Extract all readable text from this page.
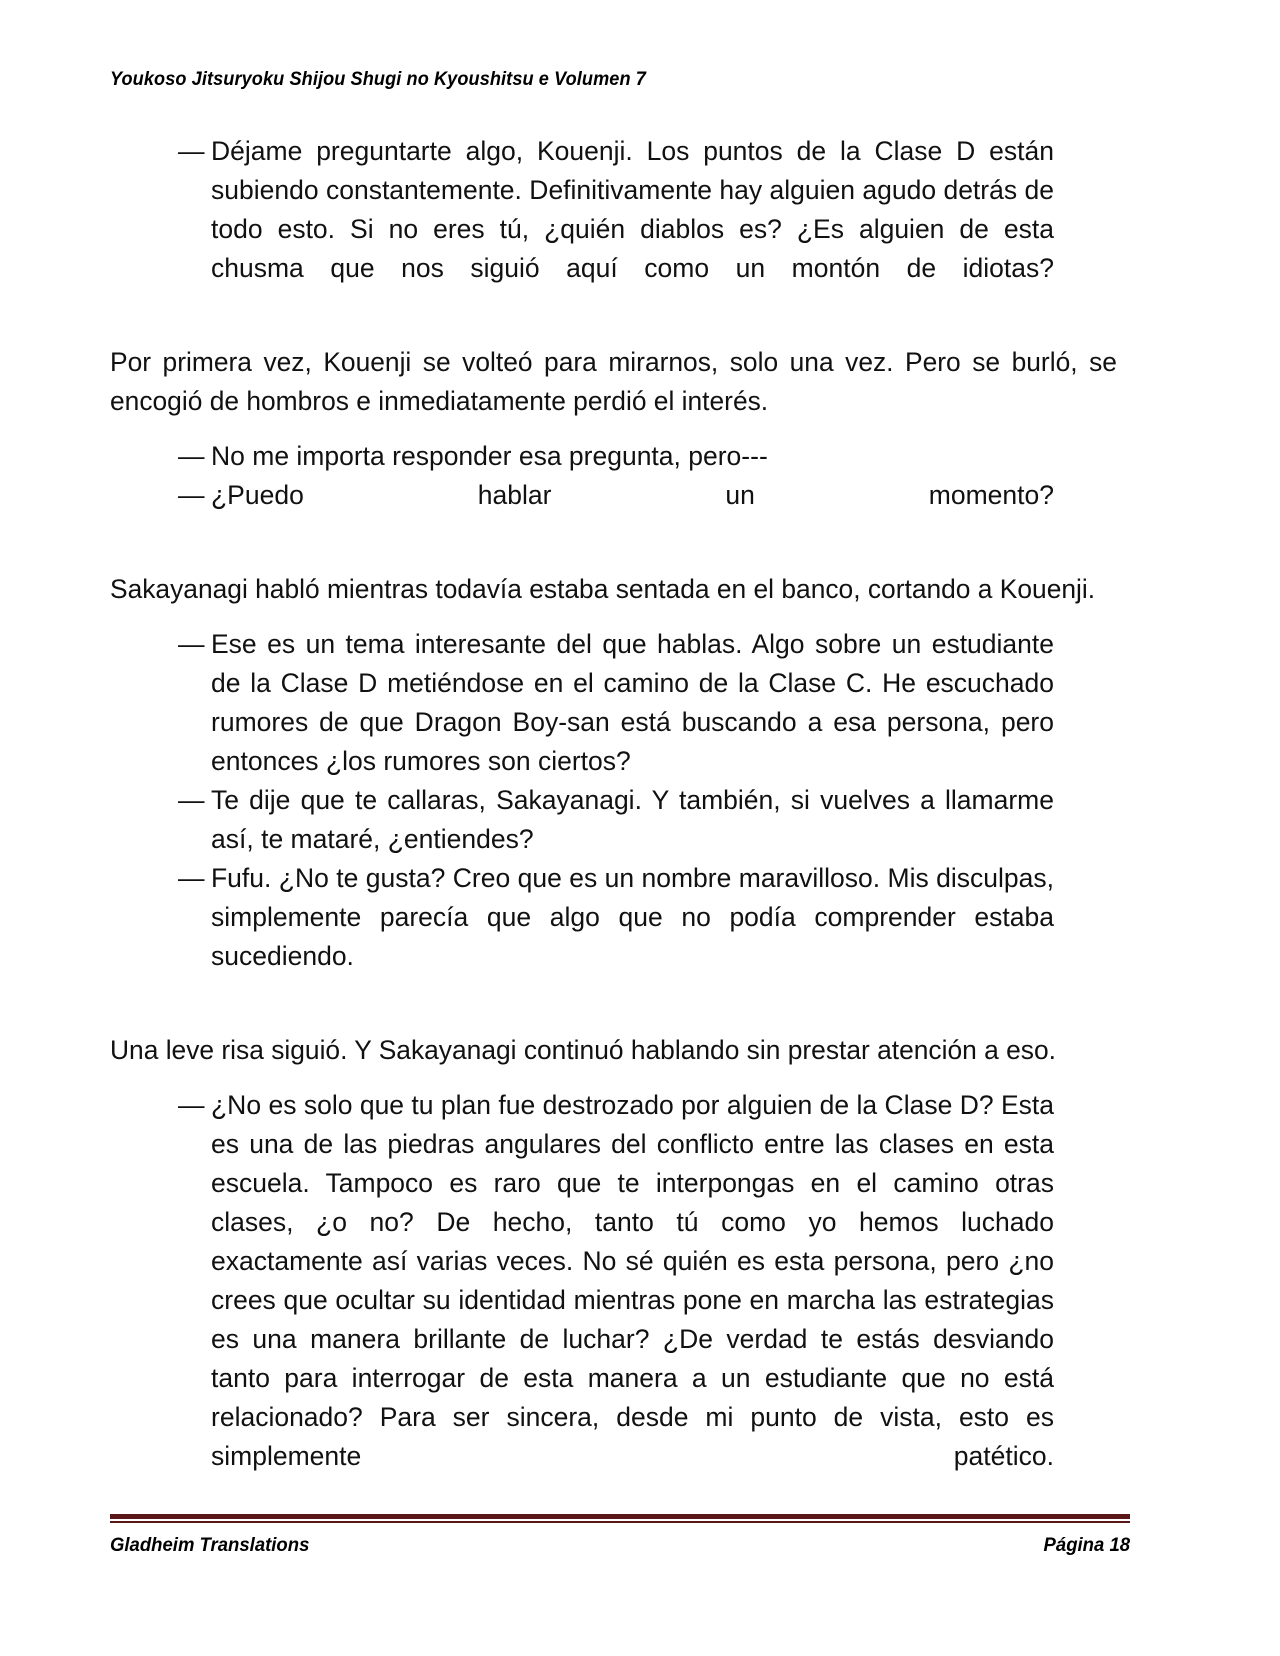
Youkoso Jitsuryoku Shijou Shugi no Kyoushitsu e Volumen 7

— Déjame preguntarte algo, Kouenji. Los puntos de la Clase D están subiendo constantemente. Definitivamente hay alguien agudo detrás de todo esto. Si no eres tú, ¿quién diablos es? ¿Es alguien de esta chusma que nos siguió aquí como un montón de idiotas?

Por primera vez, Kouenji se volteó para mirarnos, solo una vez. Pero se burló, se encogió de hombros e inmediatamente perdió el interés.

— No me importa responder esa pregunta, pero---

— ¿Puedo hablar un momento?

Sakayanagi habló mientras todavía estaba sentada en el banco, cortando a Kouenji.

— Ese es un tema interesante del que hablas. Algo sobre un estudiante de la Clase D metiéndose en el camino de la Clase C. He escuchado rumores de que Dragon Boy-san está buscando a esa persona, pero entonces ¿los rumores son ciertos?

— Te dije que te callaras, Sakayanagi. Y también, si vuelves a llamarme así, te mataré, ¿entiendes?

— Fufu. ¿No te gusta? Creo que es un nombre maravilloso. Mis disculpas, simplemente parecía que algo que no podía comprender estaba sucediendo.

Una leve risa siguió. Y Sakayanagi continuó hablando sin prestar atención a eso.

— ¿No es solo que tu plan fue destrozado por alguien de la Clase D? Esta es una de las piedras angulares del conflicto entre las clases en esta escuela. Tampoco es raro que te interpongas en el camino otras clases, ¿o no? De hecho, tanto tú como yo hemos luchado exactamente así varias veces. No sé quién es esta persona, pero ¿no crees que ocultar su identidad mientras pone en marcha las estrategias es una manera brillante de luchar? ¿De verdad te estás desviando tanto para interrogar de esta manera a un estudiante que no está relacionado? Para ser sincera, desde mi punto de vista, esto es simplemente patético.

Gladheim Translations	Página 18
